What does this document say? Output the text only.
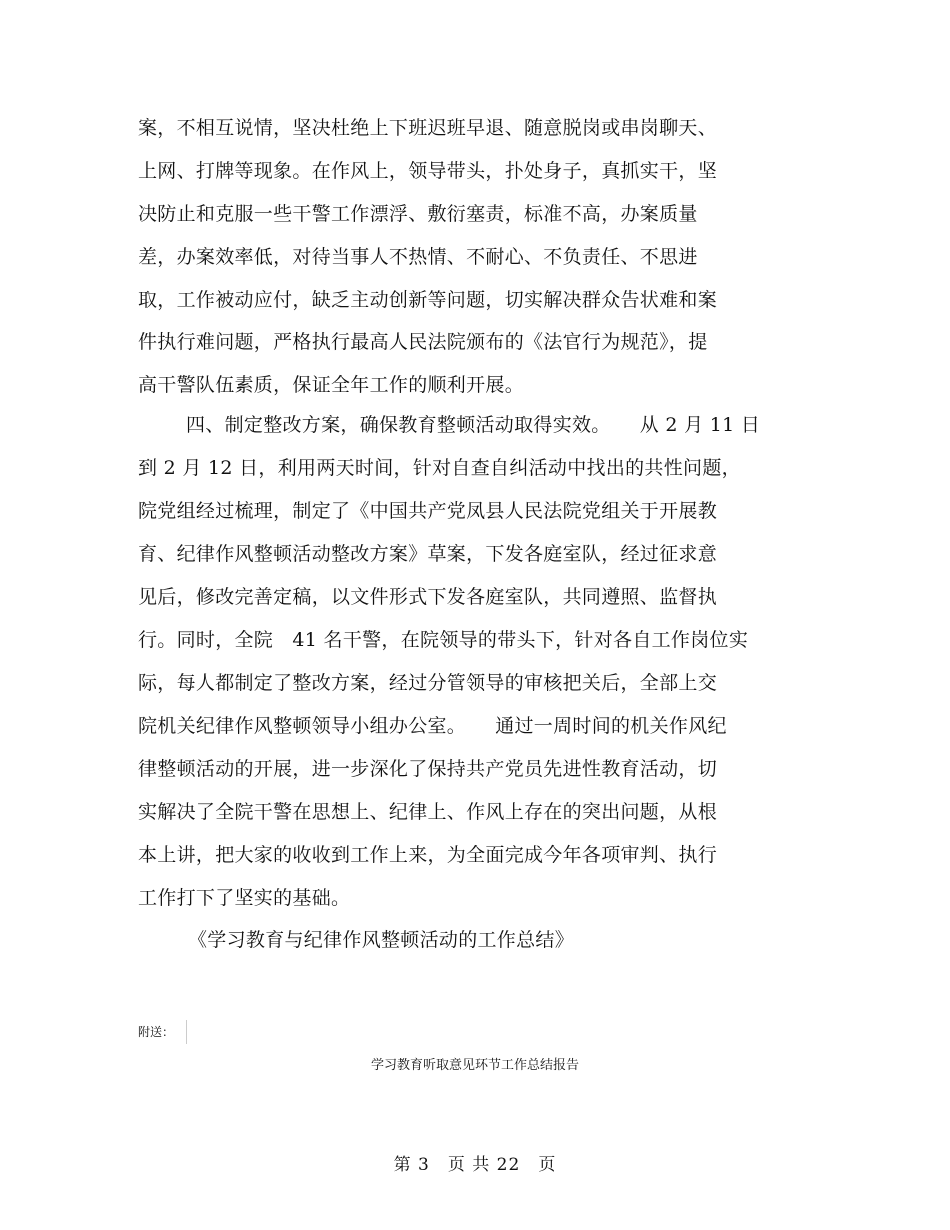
案，不相互说情，坚决杜绝上下班迟班早退、随意脱岗或串岗聊天、
上网、打牌等现象。在作风上，领导带头，扑处身子，真抓实干，坚
决防止和克服一些干警工作漂浮、敷衍塞责，标准不高，办案质量
差，办案效率低，对待当事人不热情、不耐心、不负责任、不思进
取，工作被动应付，缺乏主动创新等问题，切实解决群众告状难和案
件执行难问题，严格执行最高人民法院颁布的《法官行为规范》，提
高干警队伍素质，保证全年工作的顺利开展。
四、制定整改方案，确保教育整顿活动取得实效。　　从 2 月 11 日
到 2 月 12 日，利用两天时间，针对自查自纠活动中找出的共性问题，
院党组经过梳理，制定了《中国共产党凤县人民法院党组关于开展教
育、纪律作风整顿活动整改方案》草案，下发各庭室队，经过征求意
见后，修改完善定稿，以文件形式下发各庭室队，共同遵照、监督执
行。同时，全院　41 名干警，在院领导的带头下，针对各自工作岗位实
际，每人都制定了整改方案，经过分管领导的审核把关后，全部上交
院机关纪律作风整顿领导小组办公室。　　通过一周时间的机关作风纪
律整顿活动的开展，进一步深化了保持共产党员先进性教育活动，切
实解决了全院干警在思想上、纪律上、作风上存在的突出问题，从根
本上讲，把大家的收收到工作上来，为全面完成今年各项审判、执行
工作打下了坚实的基础。
《学习教育与纪律作风整顿活动的工作总结》
附送：
学习教育听取意见环节工作总结报告
第 3　页 共 22　页
